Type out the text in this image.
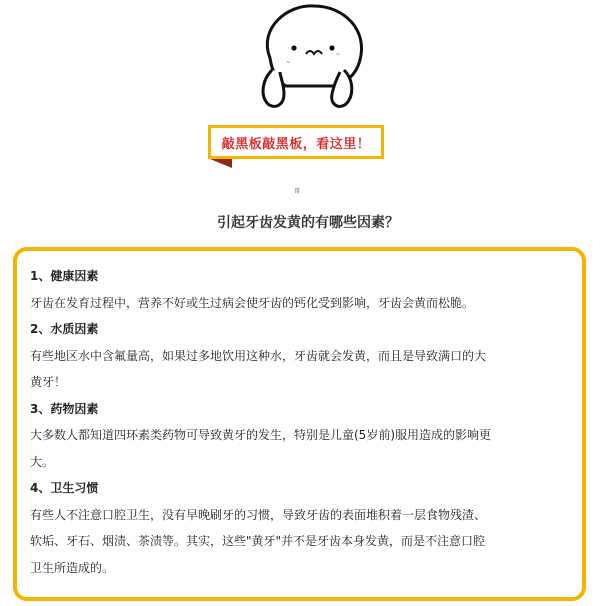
~
~
敲黑板敲黑板，看这里！
哥
引起牙齿发黄的有哪些因素？

1、健康因素

牙齿在发育过程中，营养不好或生过病会使牙齿的钙化受到影响，牙齿会黄而松脆。

2、水质因素

有些地区水中含氟量高，如果过多地饮用这种水，牙齿就会发黄，而且是导致满口的大

黄牙！

3、药物因素

大多数人都知道四环素类药物可导致黄牙的发生，特别是儿童(5岁前)服用造成的影响更

大。

4、卫生习惯

有些人不注意口腔卫生，没有早晚刷牙的习惯，导致牙齿的表面堆积着一层食物残渣、

软垢、牙石、烟渍、茶渍等。其实，这些"黄牙"并不是牙齿本身发黄，而是不注意口腔

卫生所造成的。
